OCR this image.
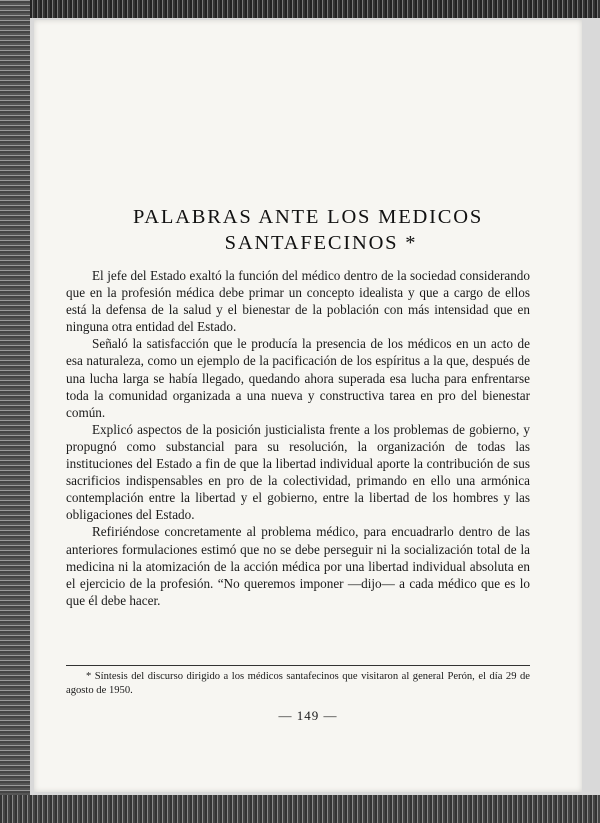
PALABRAS ANTE LOS MEDICOS
SANTAFECINOS *

El jefe del Estado exaltó la función del médico dentro de la sociedad considerando que en la profesión médica debe primar un concepto idealista y que a cargo de ellos está la defensa de la salud y el bienestar de la población con más intensidad que en ninguna otra entidad del Estado.

Señaló la satisfacción que le producía la presencia de los médicos en un acto de esa naturaleza, como un ejemplo de la pacificación de los espíritus a la que, después de una lucha larga se había llegado, quedando ahora superada esa lucha para enfrentarse toda la comunidad organizada a una nueva y constructiva tarea en pro del bienestar común.

Explicó aspectos de la posición justicialista frente a los problemas de gobierno, y propugnó como substancial para su resolución, la organización de todas las instituciones del Estado a fin de que la libertad individual aporte la contribución de sus sacrificios indispensables en pro de la colectividad, primando en ello una armónica contemplación entre la libertad y el gobierno, entre la libertad de los hombres y las obligaciones del Estado.

Refiriéndose concretamente al problema médico, para encuadrarlo dentro de las anteriores formulaciones estimó que no se debe perseguir ni la socialización total de la medicina ni la atomización de la acción médica por una libertad individual absoluta en el ejercicio de la profesión. “No queremos imponer —dijo— a cada médico que es lo que él debe hacer.

* Síntesis del discurso dirigido a los médicos santafecinos que visitaron al general Perón, el día 29 de agosto de 1950.

— 149 —
